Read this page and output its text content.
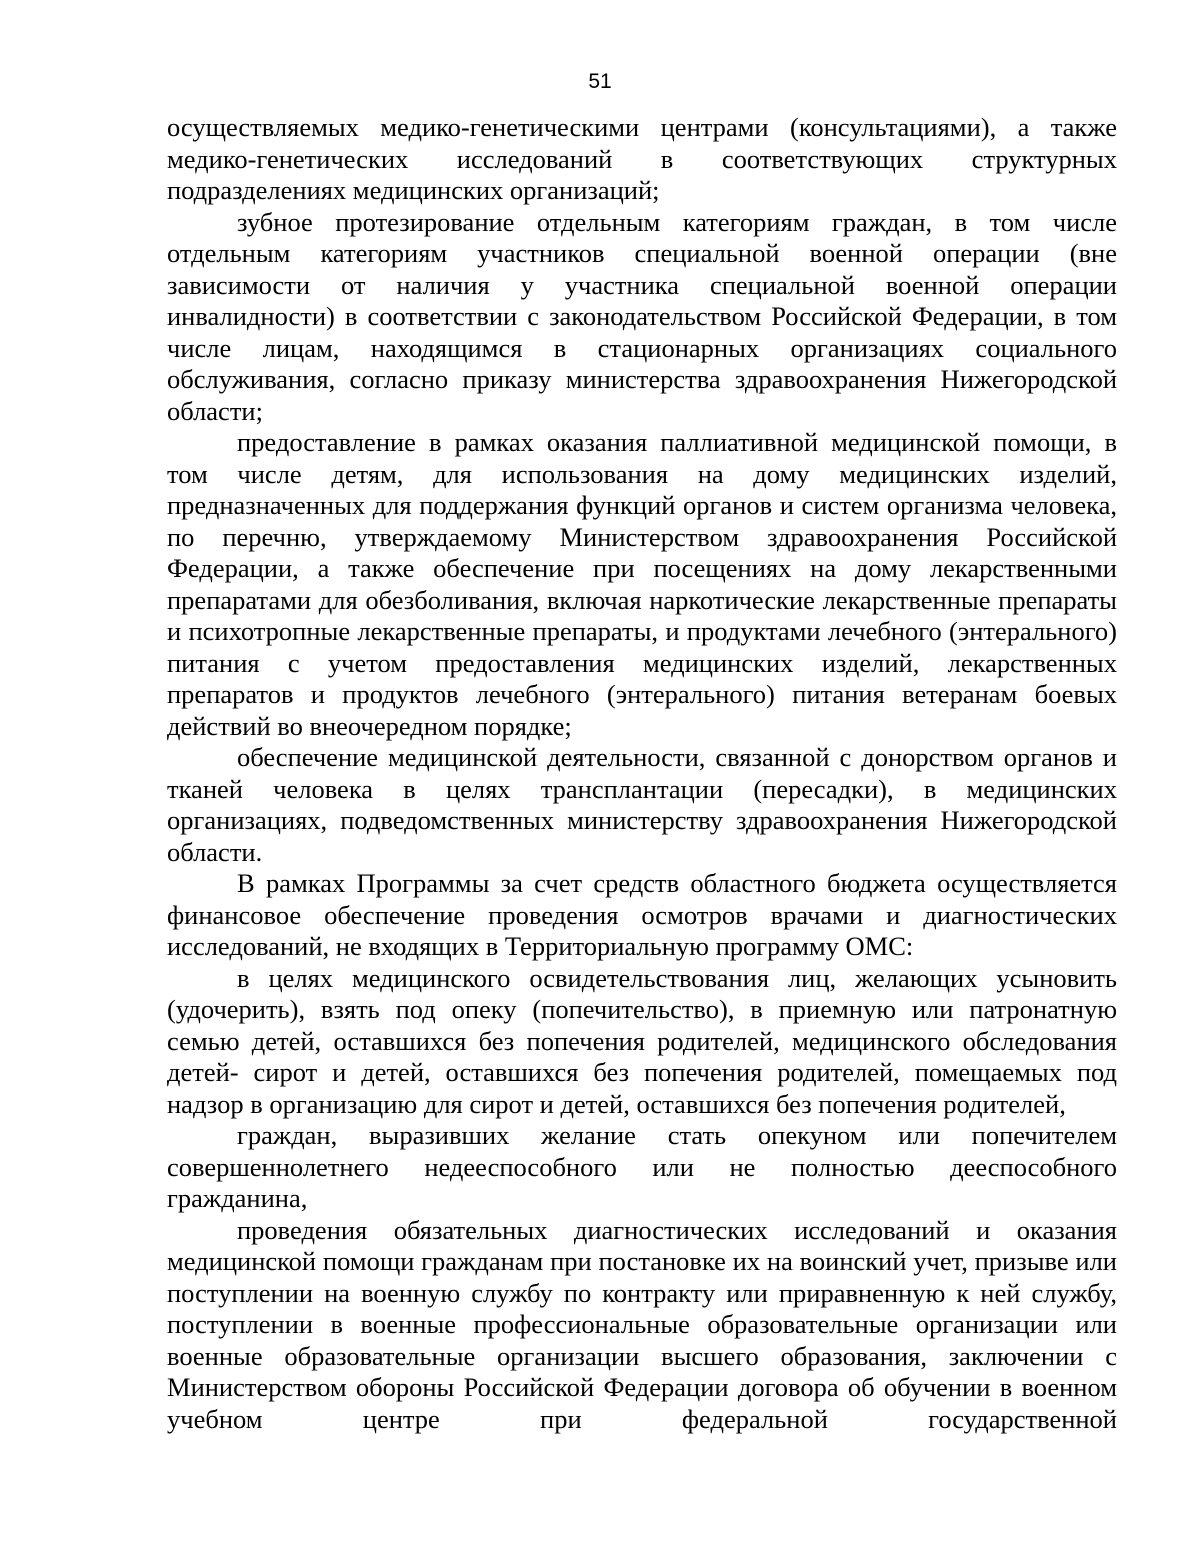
51

осуществляемых медико-генетическими центрами (консультациями), а также медико-генетических исследований в соответствующих структурных подразделениях медицинских организаций;

зубное протезирование отдельным категориям граждан, в том числе отдельным категориям участников специальной военной операции (вне зависимости от наличия у участника специальной военной операции инвалидности) в соответствии с законодательством Российской Федерации, в том числе лицам, находящимся в стационарных организациях социального обслуживания, согласно приказу министерства здравоохранения Нижегородской области;

предоставление в рамках оказания паллиативной медицинской помощи, в том числе детям, для использования на дому медицинских изделий, предназначенных для поддержания функций органов и систем организма человека, по перечню, утверждаемому Министерством здравоохранения Российской Федерации, а также обеспечение при посещениях на дому лекарственными препаратами для обезболивания, включая наркотические лекарственные препараты и психотропные лекарственные препараты, и продуктами лечебного (энтерального) питания с учетом предоставления медицинских изделий, лекарственных препаратов и продуктов лечебного (энтерального) питания ветеранам боевых действий во внеочередном порядке;

обеспечение медицинской деятельности, связанной с донорством органов и тканей человека в целях трансплантации (пересадки), в медицинских организациях, подведомственных министерству здравоохранения Нижегородской области.

В рамках Программы за счет средств областного бюджета осуществляется финансовое обеспечение проведения осмотров врачами и диагностических исследований, не входящих в Территориальную программу ОМС:

в целях медицинского освидетельствования лиц, желающих усыновить (удочерить), взять под опеку (попечительство), в приемную или патронатную семью детей, оставшихся без попечения родителей, медицинского обследования детей- сирот и детей, оставшихся без попечения родителей, помещаемых под надзор в организацию для сирот и детей, оставшихся без попечения родителей,

граждан, выразивших желание стать опекуном или попечителем совершеннолетнего недееспособного или не полностью дееспособного гражданина,

проведения обязательных диагностических исследований и оказания медицинской помощи гражданам при постановке их на воинский учет, призыве или поступлении на военную службу по контракту или приравненную к ней службу, поступлении в военные профессиональные образовательные организации или военные образовательные организации высшего образования, заключении с Министерством обороны Российской Федерации договора об обучении в военном учебном центре при федеральной государственной
